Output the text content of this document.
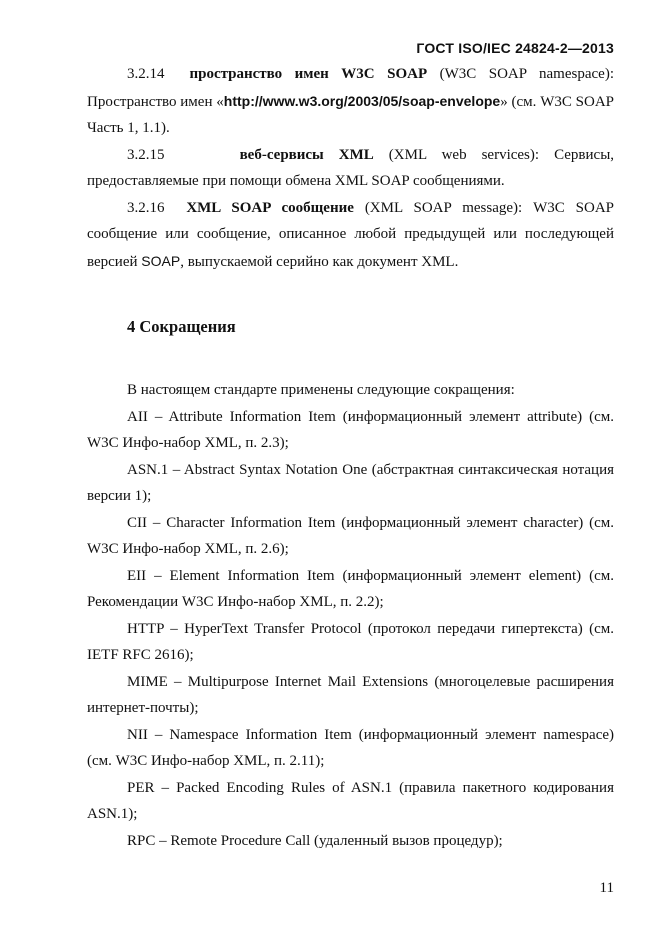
ГОСТ ISO/IEC 24824-2—2013

3.2.14 пространство имен W3C SOAP (W3C SOAP namespace): Пространство имен «http://www.w3.org/2003/05/soap-envelope» (см. W3C SOAP Часть 1, 1.1).

3.2.15	веб-сервисы XML (XML web services): Сервисы, предоставляемые при помощи обмена XML SOAP сообщениями.

3.2.16 XML SOAP сообщение (XML SOAP message): W3C SOAP сообщение или сообщение, описанное любой предыдущей или последующей версией SOAP, выпускаемой серийно как документ XML.

4 Сокращения

В настоящем стандарте применены следующие сокращения:

AII – Attribute Information Item (информационный элемент attribute) (см. W3C Инфо-набор XML, п. 2.3);

ASN.1 – Abstract Syntax Notation One (абстрактная синтаксическая нотация версии 1);

CII – Character Information Item (информационный элемент character) (см. W3C Инфо-набор XML, п. 2.6);

EII – Element Information Item (информационный элемент element) (см. Рекомендации W3C Инфо-набор XML, п. 2.2);

HTTP – HyperText Transfer Protocol (протокол передачи гипертекста) (см. IETF RFC 2616);

MIME – Multipurpose Internet Mail Extensions (многоцелевые расширения интернет-почты);

NII – Namespace Information Item (информационный элемент namespace) (см. W3C Инфо-набор XML, п. 2.11);

PER – Packed Encoding Rules of ASN.1 (правила пакетного кодирования ASN.1);

RPC – Remote Procedure Call (удаленный вызов процедур);

11
